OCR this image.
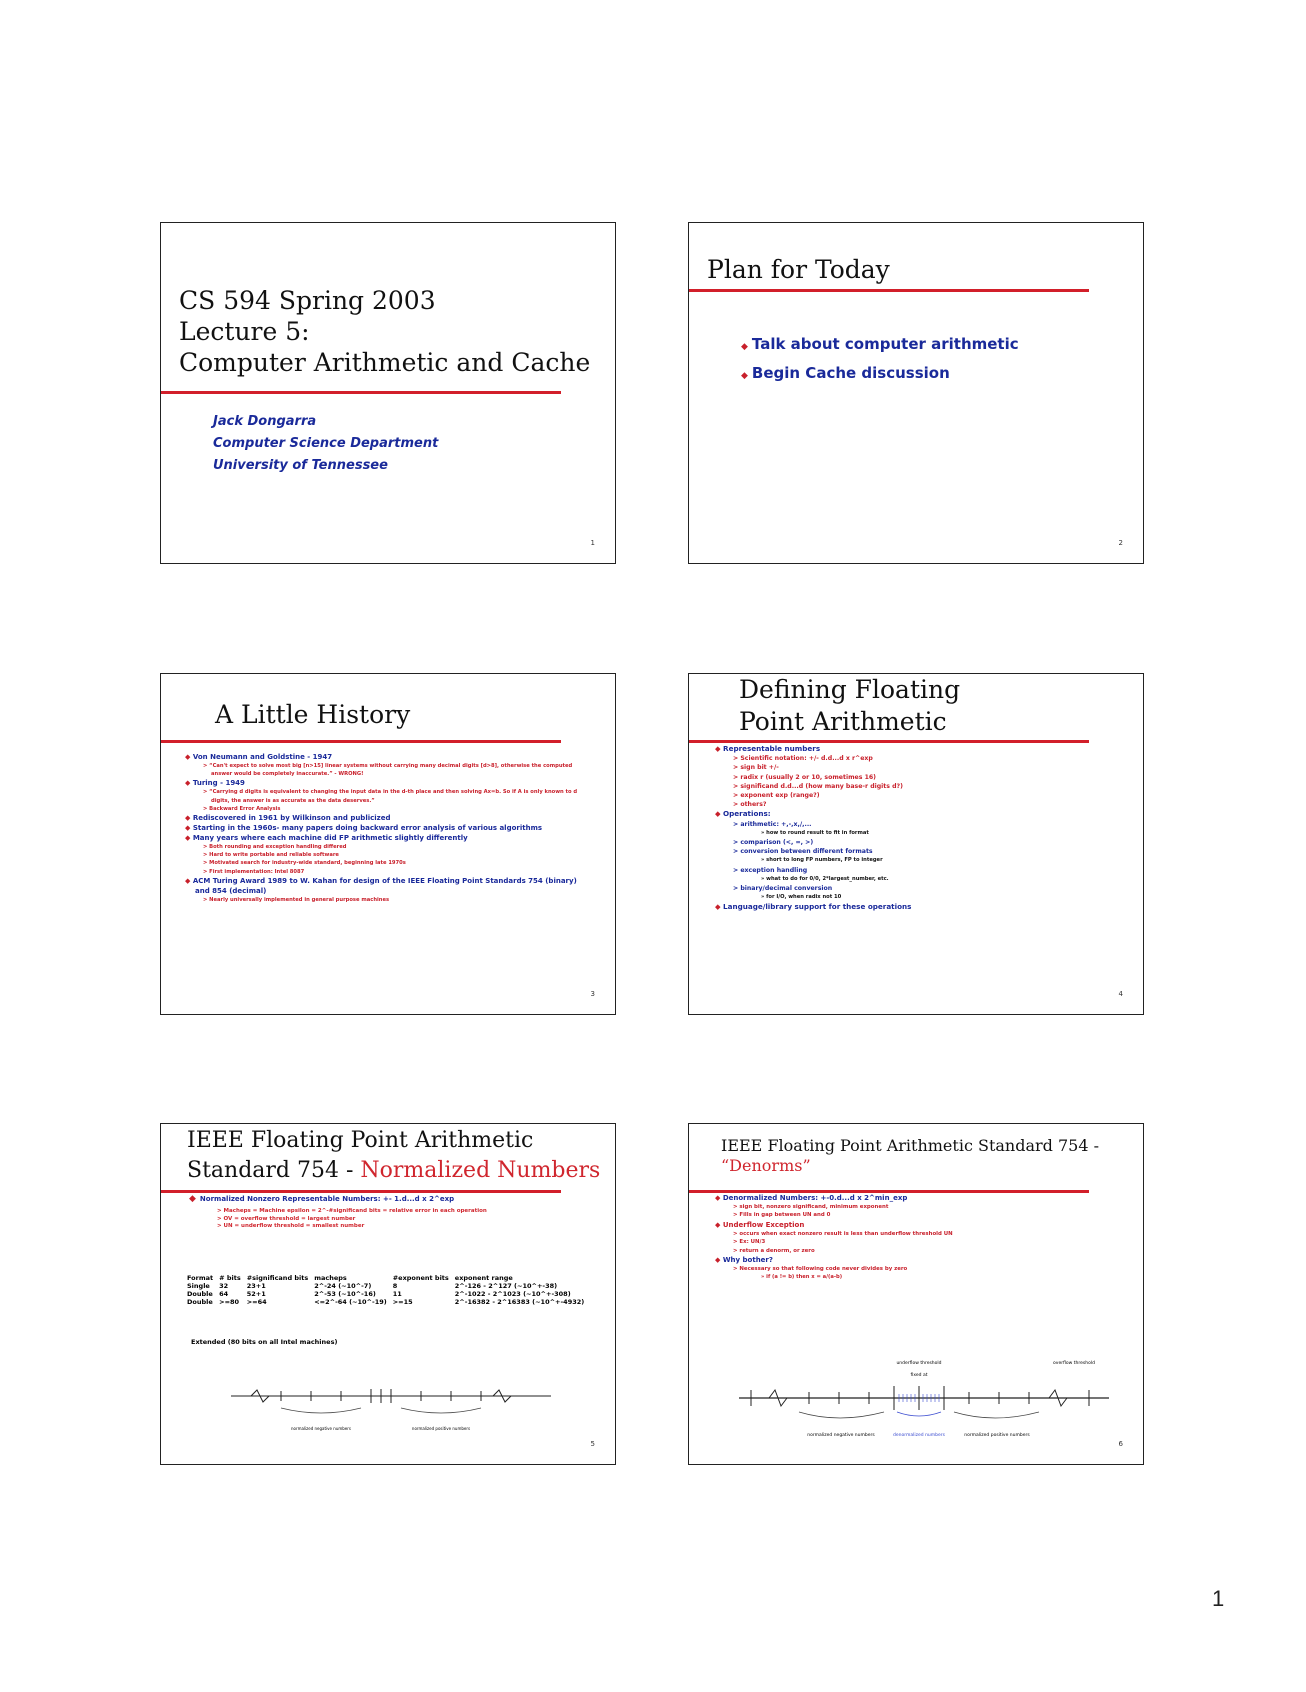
CS 594 Spring 2003
Lecture 5:
Computer Arithmetic and Cache
Jack Dongarra
Computer Science Department
University of Tennessee
1
Plan for Today
◆ Talk about computer arithmetic
◆ Begin Cache discussion
2
A Little History
◆ Von Neumann and Goldstine - 1947
> “Can't expect to solve most big [n>15] linear systems without carrying many decimal digits [d>8], otherwise the computed answer would be completely inaccurate.” - WRONG!
◆ Turing - 1949
> “Carrying d digits is equivalent to changing the input data in the d-th place and then solving Ax=b. So if A is only known to d digits, the answer is as accurate as the data deserves.”
> Backward Error Analysis
◆ Rediscovered in 1961 by Wilkinson and publicized
◆ Starting in the 1960s- many papers doing backward error analysis of various algorithms
◆ Many years where each machine did FP arithmetic slightly differently
> Both rounding and exception handling differed
> Hard to write portable and reliable software
> Motivated search for industry-wide standard, beginning late 1970s
> First implementation: Intel 8087
◆ ACM Turing Award 1989 to W. Kahan for design of the IEEE Floating Point Standards 754 (binary) and 854 (decimal)
> Nearly universally implemented in general purpose machines
3
Defining Floating
Point Arithmetic
◆ Representable numbers
> Scientific notation: +/- d.d...d x r^exp
> sign bit +/-
> radix r (usually 2 or 10, sometimes 16)
> significand d.d...d (how many base-r digits d?)
> exponent exp (range?)
> others?
◆ Operations:
> arithmetic: +,-,x,/,...
» how to round result to fit in format
> comparison (<, =, >)
> conversion between different formats
» short to long FP numbers, FP to integer
> exception handling
» what to do for 0/0, 2*largest_number, etc.
> binary/decimal conversion
» for I/O, when radix not 10
◆ Language/library support for these operations
4
IEEE Floating Point Arithmetic
Standard 754 - Normalized Numbers
◆ Normalized Nonzero Representable Numbers: +- 1.d...d x 2^exp
> Macheps = Machine epsilon = 2^-#significand bits = relative error in each operation
> OV = overflow threshold = largest number
> UN = underflow threshold = smallest number
Format	# bits	#significand bits	macheps	#exponent bits	exponent range
Single	32	23+1	2^-24 (~10^-7)	8	2^-126 - 2^127 (~10^+-38)
Double	64	52+1	2^-53 (~10^-16)	11	2^-1022 - 2^1023 (~10^+-308)
Double	>=80	>=64	<=2^-64 (~10^-19)	>=15	2^-16382 - 2^16383 (~10^+-4932)
Extended (80 bits on all Intel machines)
normalized negative numbers	normalized positive numbers
5
IEEE Floating Point Arithmetic Standard 754 -
“Denorms”
◆ Denormalized Numbers: +-0.d...d x 2^min_exp
> sign bit, nonzero significand, minimum exponent
> Fills in gap between UN and 0
◆ Underflow Exception
> occurs when exact nonzero result is less than underflow threshold UN
> Ex: UN/3
> return a denorm, or zero
◆ Why bother?
> Necessary so that following code never divides by zero
» if (a != b) then x = a/(a-b)
normalized negative numbers	denormalized numbers	normalized positive numbers
underflow threshold
fixed at
overflow threshold
6
1
